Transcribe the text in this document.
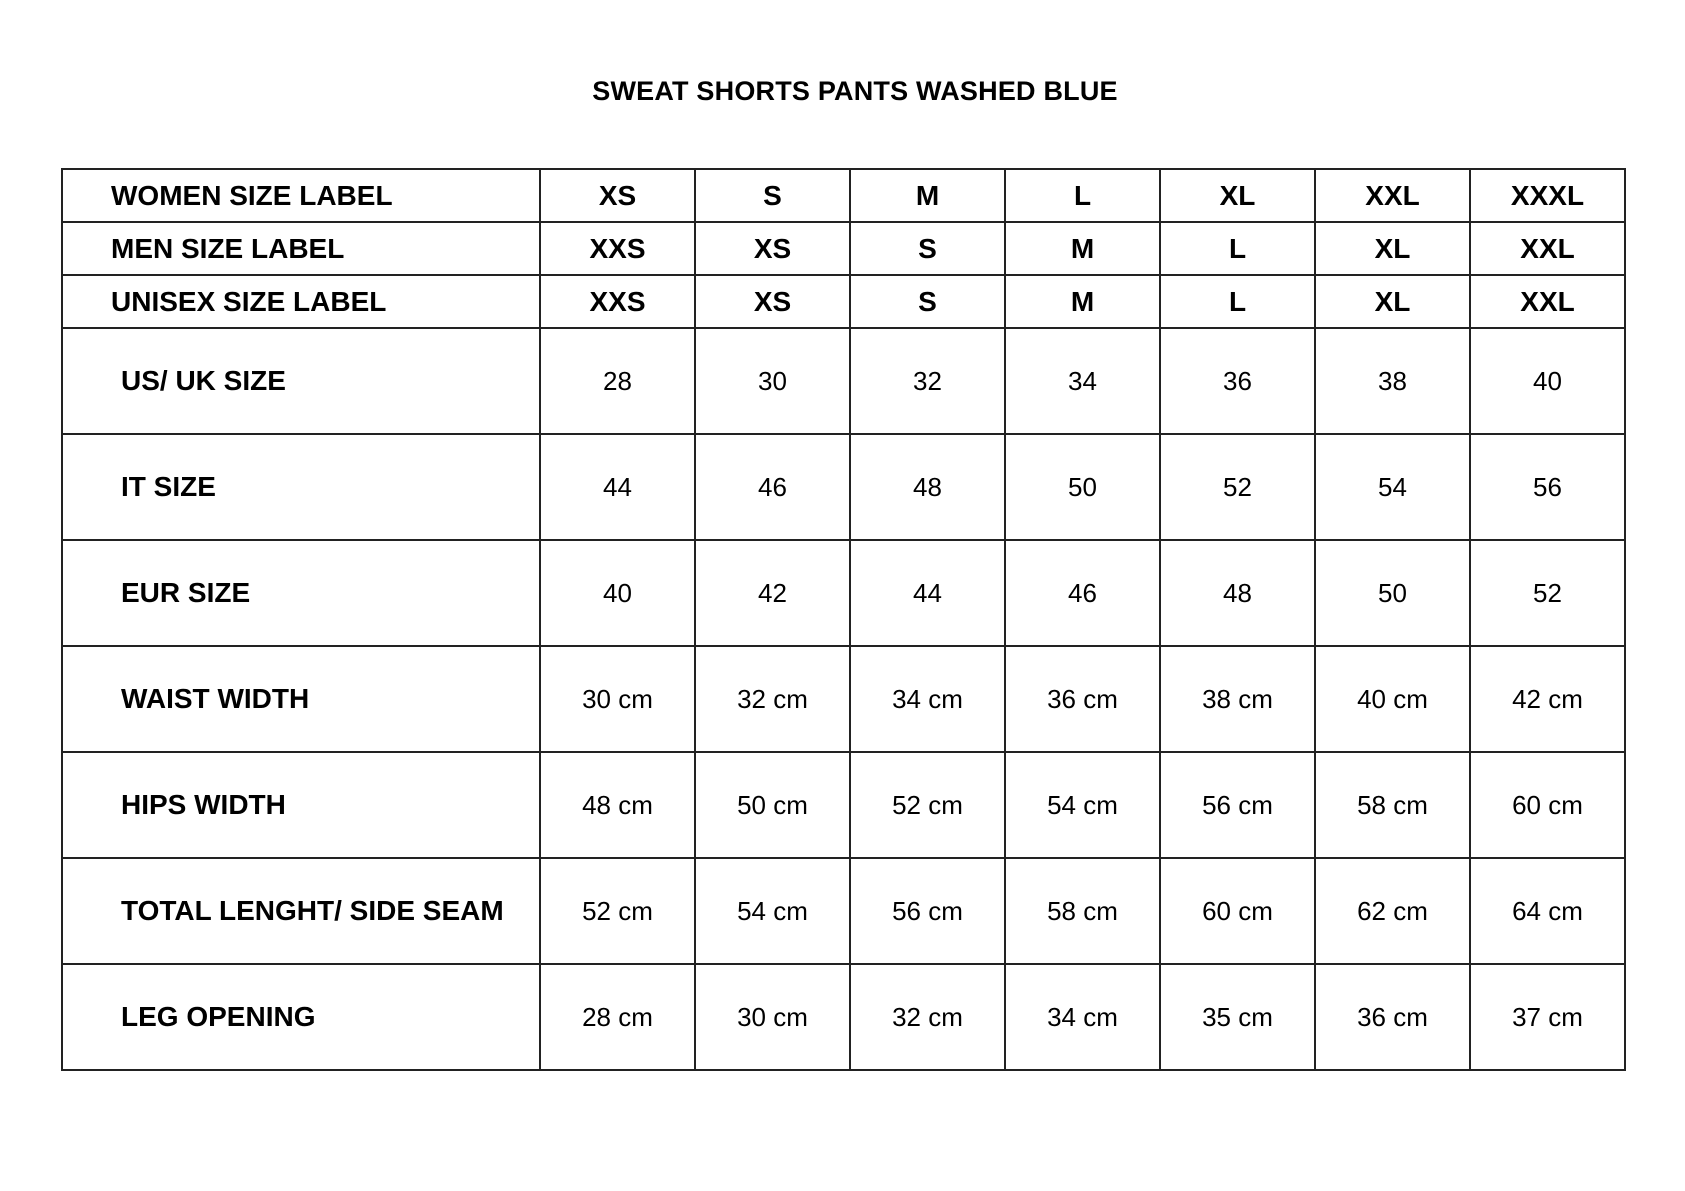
SWEAT SHORTS PANTS WASHED BLUE
WOMEN SIZE LABEL	XS	S	M	L	XL	XXL	XXXL
MEN SIZE LABEL	XXS	XS	S	M	L	XL	XXL
UNISEX SIZE LABEL	XXS	XS	S	M	L	XL	XXL
US/ UK SIZE	28	30	32	34	36	38	40
IT SIZE	44	46	48	50	52	54	56
EUR SIZE	40	42	44	46	48	50	52
WAIST WIDTH	30 cm	32 cm	34 cm	36 cm	38 cm	40 cm	42 cm
HIPS WIDTH	48 cm	50 cm	52 cm	54 cm	56 cm	58 cm	60 cm
TOTAL LENGHT/ SIDE SEAM	52 cm	54 cm	56 cm	58 cm	60 cm	62 cm	64 cm
LEG OPENING	28 cm	30 cm	32 cm	34 cm	35 cm	36 cm	37 cm
